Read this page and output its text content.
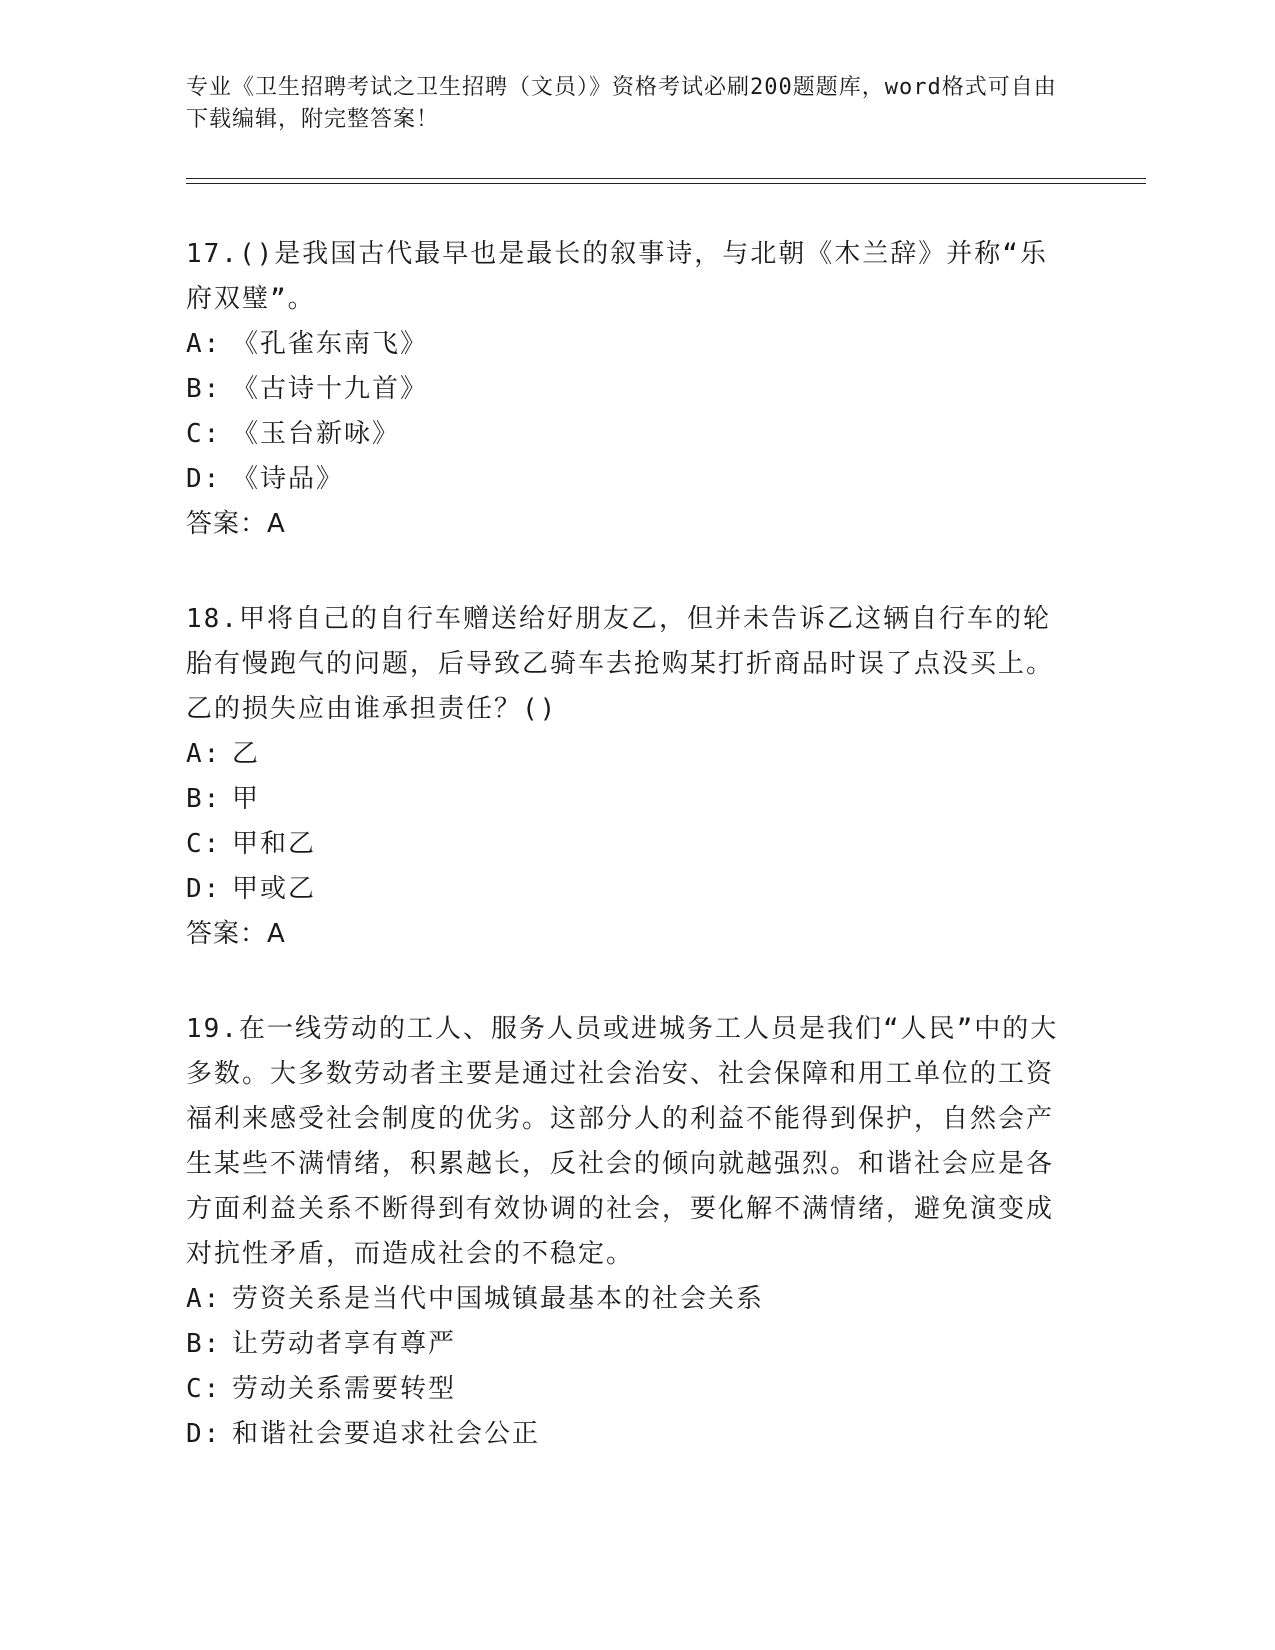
专业《卫生招聘考试之卫生招聘（文员）》资格考试必刷200题题库，word格式可自由下载编辑，附完整答案！
17.()是我国古代最早也是最长的叙事诗，与北朝《木兰辞》并称“乐府双璧”。
A: 《孔雀东南飞》
B: 《古诗十九首》
C: 《玉台新咏》
D: 《诗品》
答案：A
18.甲将自己的自行车赠送给好朋友乙，但并未告诉乙这辆自行车的轮胎有慢跑气的问题，后导致乙骑车去抢购某打折商品时误了点没买上。乙的损失应由谁承担责任？()
A: 乙
B: 甲
C: 甲和乙
D: 甲或乙
答案：A
19.在一线劳动的工人、服务人员或进城务工人员是我们“人民”中的大多数。大多数劳动者主要是通过社会治安、社会保障和用工单位的工资福利来感受社会制度的优劣。这部分人的利益不能得到保护，自然会产生某些不满情绪，积累越长，反社会的倾向就越强烈。和谐社会应是各方面利益关系不断得到有效协调的社会，要化解不满情绪，避免演变成对抗性矛盾，而造成社会的不稳定。
A: 劳资关系是当代中国城镇最基本的社会关系
B: 让劳动者享有尊严
C: 劳动关系需要转型
D: 和谐社会要追求社会公正
